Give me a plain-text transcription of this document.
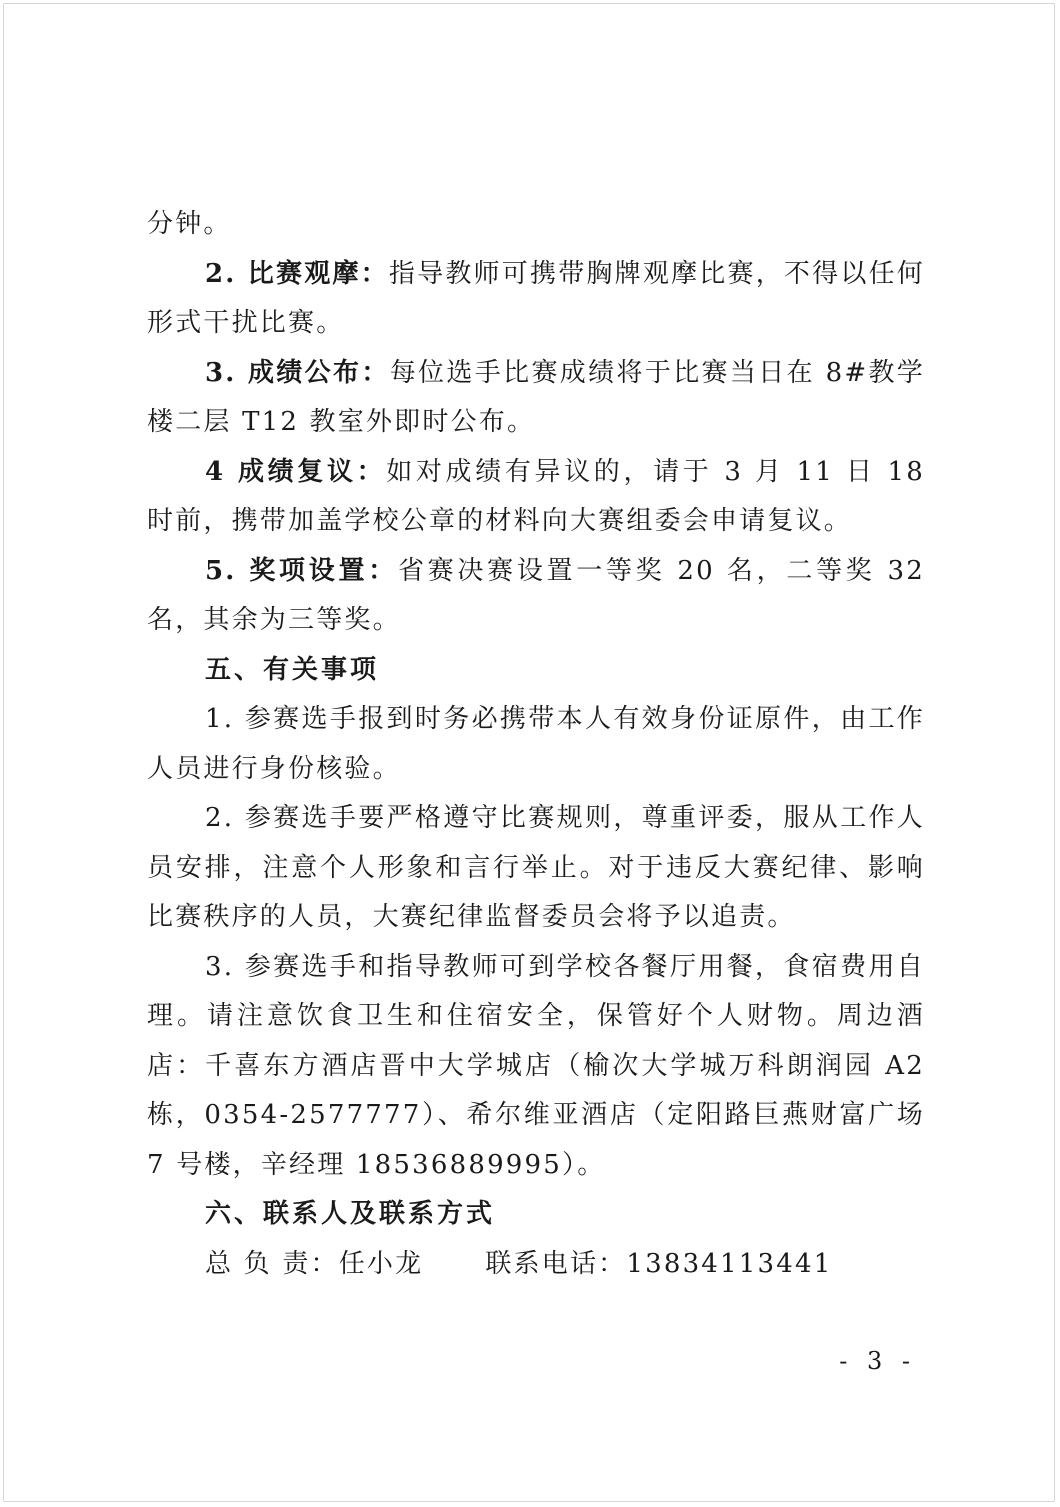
分钟。

2. 比赛观摩：指导教师可携带胸牌观摩比赛，不得以任何形式干扰比赛。

3. 成绩公布：每位选手比赛成绩将于比赛当日在 8#教学楼二层 T12 教室外即时公布。

4 成绩复议：如对成绩有异议的，请于 3 月 11 日 18 时前，携带加盖学校公章的材料向大赛组委会申请复议。

5. 奖项设置：省赛决赛设置一等奖 20 名，二等奖 32 名，其余为三等奖。

五、有关事项

1. 参赛选手报到时务必携带本人有效身份证原件，由工作人员进行身份核验。

2. 参赛选手要严格遵守比赛规则，尊重评委，服从工作人员安排，注意个人形象和言行举止。对于违反大赛纪律、影响比赛秩序的人员，大赛纪律监督委员会将予以追责。

3. 参赛选手和指导教师可到学校各餐厅用餐，食宿费用自理。请注意饮食卫生和住宿安全，保管好个人财物。周边酒店：千喜东方酒店晋中大学城店（榆次大学城万科朗润园 A2 栋，0354-2577777）、希尔维亚酒店（定阳路巨燕财富广场 7 号楼，辛经理 18536889995）。

六、联系人及联系方式

总 负 责：任小龙 联系电话：13834113441

- 3 -
